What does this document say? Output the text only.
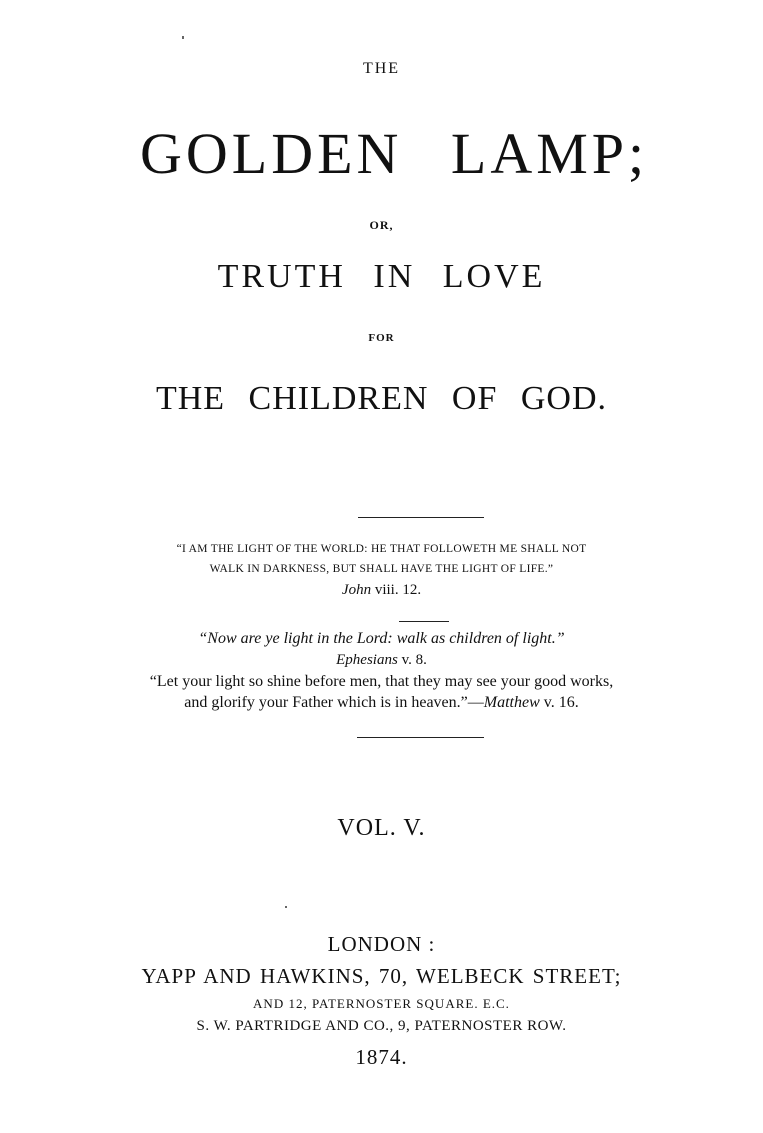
THE
GOLDEN LAMP;
OR,
TRUTH IN LOVE
FOR
THE CHILDREN OF GOD.
“I AM THE LIGHT OF THE WORLD: HE THAT FOLLOWETH ME SHALL NOT
WALK IN DARKNESS, BUT SHALL HAVE THE LIGHT OF LIFE.”
John viii. 12.
“Now are ye light in the Lord: walk as children of light.”
Ephesians v. 8.
“Let your light so shine before men, that they may see your good works,
and glorify your Father which is in heaven.”—Matthew v. 16.
VOL. V.
LONDON :
YAPP AND HAWKINS, 70, WELBECK STREET;
AND 12, PATERNOSTER SQUARE. E.C.
S. W. PARTRIDGE AND CO., 9, PATERNOSTER ROW.
1874.
